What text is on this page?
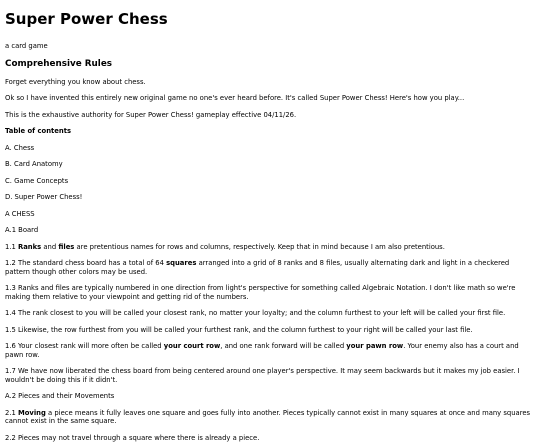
Super Power Chess

a card game

Comprehensive Rules

Forget everything you know about chess.

Ok so I have invented this entirely new original game no one's ever heard before. It's called Super Power Chess! Here's how you play...

This is the exhaustive authority for Super Power Chess! gameplay effective 04/11/26.

Table of contents

A. Chess

B. Card Anatomy

C. Game Concepts

D. Super Power Chess!

A CHESS

A.1 Board

1.1 Ranks and files are pretentious names for rows and columns, respectively. Keep that in mind because I am also pretentious.

1.2 The standard chess board has a total of 64 squares arranged into a grid of 8 ranks and 8 files, usually alternating dark and light in a checkered pattern though other colors may be used.

1.3 Ranks and files are typically numbered in one direction from light's perspective for something called Algebraic Notation. I don't like math so we're making them relative to your viewpoint and getting rid of the numbers.

1.4 The rank closest to you will be called your closest rank, no matter your loyalty; and the column furthest to your left will be called your first file.

1.5 Likewise, the row furthest from you will be called your furthest rank, and the column furthest to your right will be called your last file.

1.6 Your closest rank will more often be called your court row, and one rank forward will be called your pawn row. Your enemy also has a court and pawn row.

1.7 We have now liberated the chess board from being centered around one player's perspective. It may seem backwards but it makes my job easier. I wouldn't be doing this if it didn't.

A.2 Pieces and their Movements

2.1 Moving a piece means it fully leaves one square and goes fully into another. Pieces typically cannot exist in many squares at once and many squares cannot exist in the same square.

2.2 Pieces may not travel through a square where there is already a piece.
